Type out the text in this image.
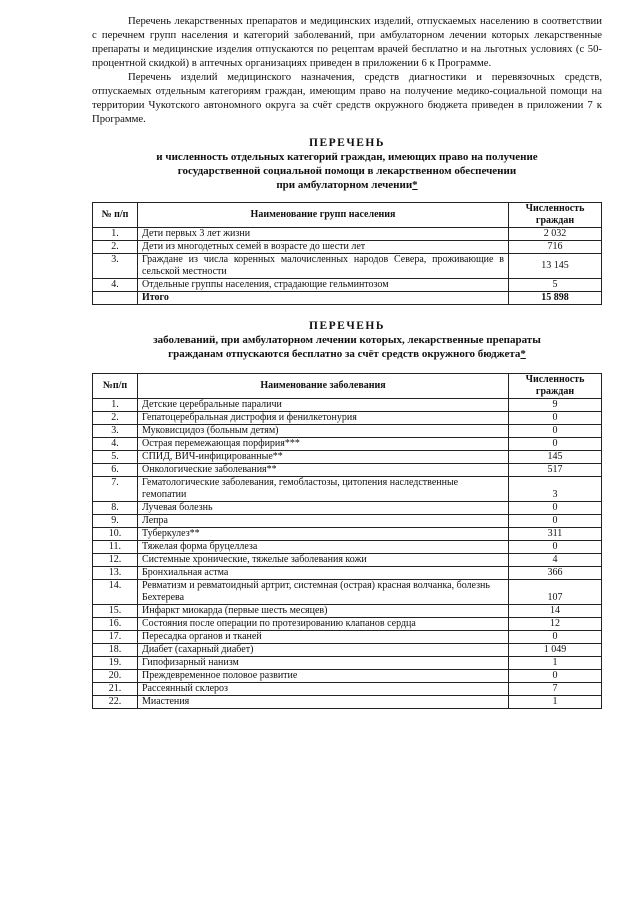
Перечень лекарственных препаратов и медицинских изделий, отпускаемых населению в соответствии с перечнем групп населения и категорий заболеваний, при амбулаторном лечении которых лекарственные препараты и медицинские изделия отпускаются по рецептам врачей бесплатно и на льготных условиях (с 50-процентной скидкой) в аптечных организациях приведен в приложении 6 к Программе.

Перечень изделий медицинского назначения, средств диагностики и перевязочных средств, отпускаемых отдельным категориям граждан, имеющим право на получение медико-социальной помощи на территории Чукотского автономного округа за счёт средств окружного бюджета приведен в приложении 7 к Программе.

ПЕРЕЧЕНЬ
и численность отдельных категорий граждан, имеющих право на получение
государственной социальной помощи в лекарственном обеспечении
при амбулаторном лечении*
№ п/п	Наименование групп населения	Численность граждан
1.	Дети первых 3 лет жизни	2 032
2.	Дети из многодетных семей в возрасте до шести лет	716
3.	Граждане из числа коренных малочисленных народов Севера, проживающие в сельской местности	13 145
4.	Отдельные группы населения, страдающие гельминтозом	5
	Итого	15 898
ПЕРЕЧЕНЬ
заболеваний, при амбулаторном лечении которых, лекарственные препараты
гражданам отпускаются бесплатно за счёт средств окружного бюджета*
№п/п	Наименование заболевания	Численность граждан
1.	Детские церебральные параличи	9
2.	Гепатоцеребральная дистрофия и фенилкетонурия	0
3.	Муковисцидоз (больным детям)	0
4.	Острая перемежающая порфирия***	0
5.	СПИД, ВИЧ-инфицированные**	145
6.	Онкологические заболевания**	517
7.	Гематологические заболевания, гемобластозы, цитопения наследственные гемопатии	3
8.	Лучевая болезнь	0
9.	Лепра	0
10.	Туберкулез**	311
11.	Тяжелая форма бруцеллеза	0
12.	Системные хронические, тяжелые заболевания кожи	4
13.	Бронхиальная астма	366
14.	Ревматизм и ревматоидный артрит, системная (острая) красная волчанка, болезнь Бехтерева	107
15.	Инфаркт миокарда (первые шесть месяцев)	14
16.	Состояния после операции по протезированию клапанов сердца	12
17.	Пересадка органов и тканей	0
18.	Диабет (сахарный диабет)	1 049
19.	Гипофизарный нанизм	1
20.	Преждевременное половое развитие	0
21.	Рассеянный склероз	7
22.	Миастения	1
